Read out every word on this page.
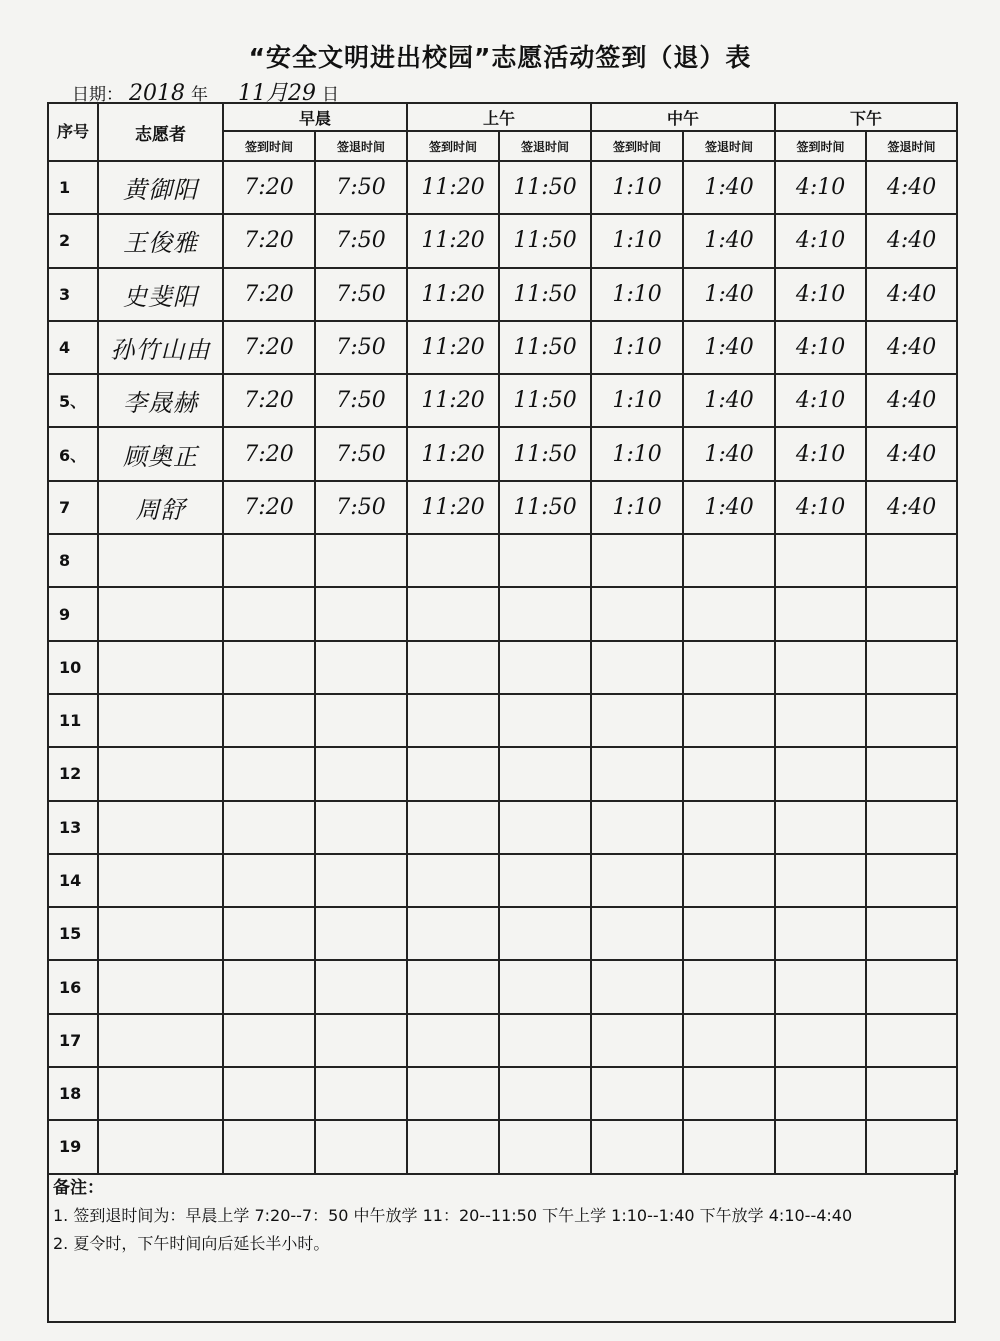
“安全文明进出校园”志愿活动签到（退）表
日期： 2018 年 11月29 日
序号	志愿者	早晨		上午		中午		下午	
		签到时间	签退时间	签到时间	签退时间	签到时间	签退时间	签到时间	签退时间
1	黄御阳	7:20	7:50	11:20	11:50	1:10	1:40	4:10	4:40
2	王俊雅	7:20	7:50	11:20	11:50	1:10	1:40	4:10	4:40
3	史斐阳	7:20	7:50	11:20	11:50	1:10	1:40	4:10	4:40
4	孙竹山由	7:20	7:50	11:20	11:50	1:10	1:40	4:10	4:40
5、	李晟赫	7:20	7:50	11:20	11:50	1:10	1:40	4:10	4:40
6、	顾奥正	7:20	7:50	11:20	11:50	1:10	1:40	4:10	4:40
7	周舒	7:20	7:50	11:20	11:50	1:10	1:40	4:10	4:40
8									
9									
10									
11									
12									
13									
14									
15									
16									
17									
18									
19									
备注：
1. 签到退时间为：早晨上学 7:20--7：50 中午放学 11：20--11:50 下午上学 1:10--1:40 下午放学 4:10--4:40
2. 夏令时，下午时间向后延长半小时。
